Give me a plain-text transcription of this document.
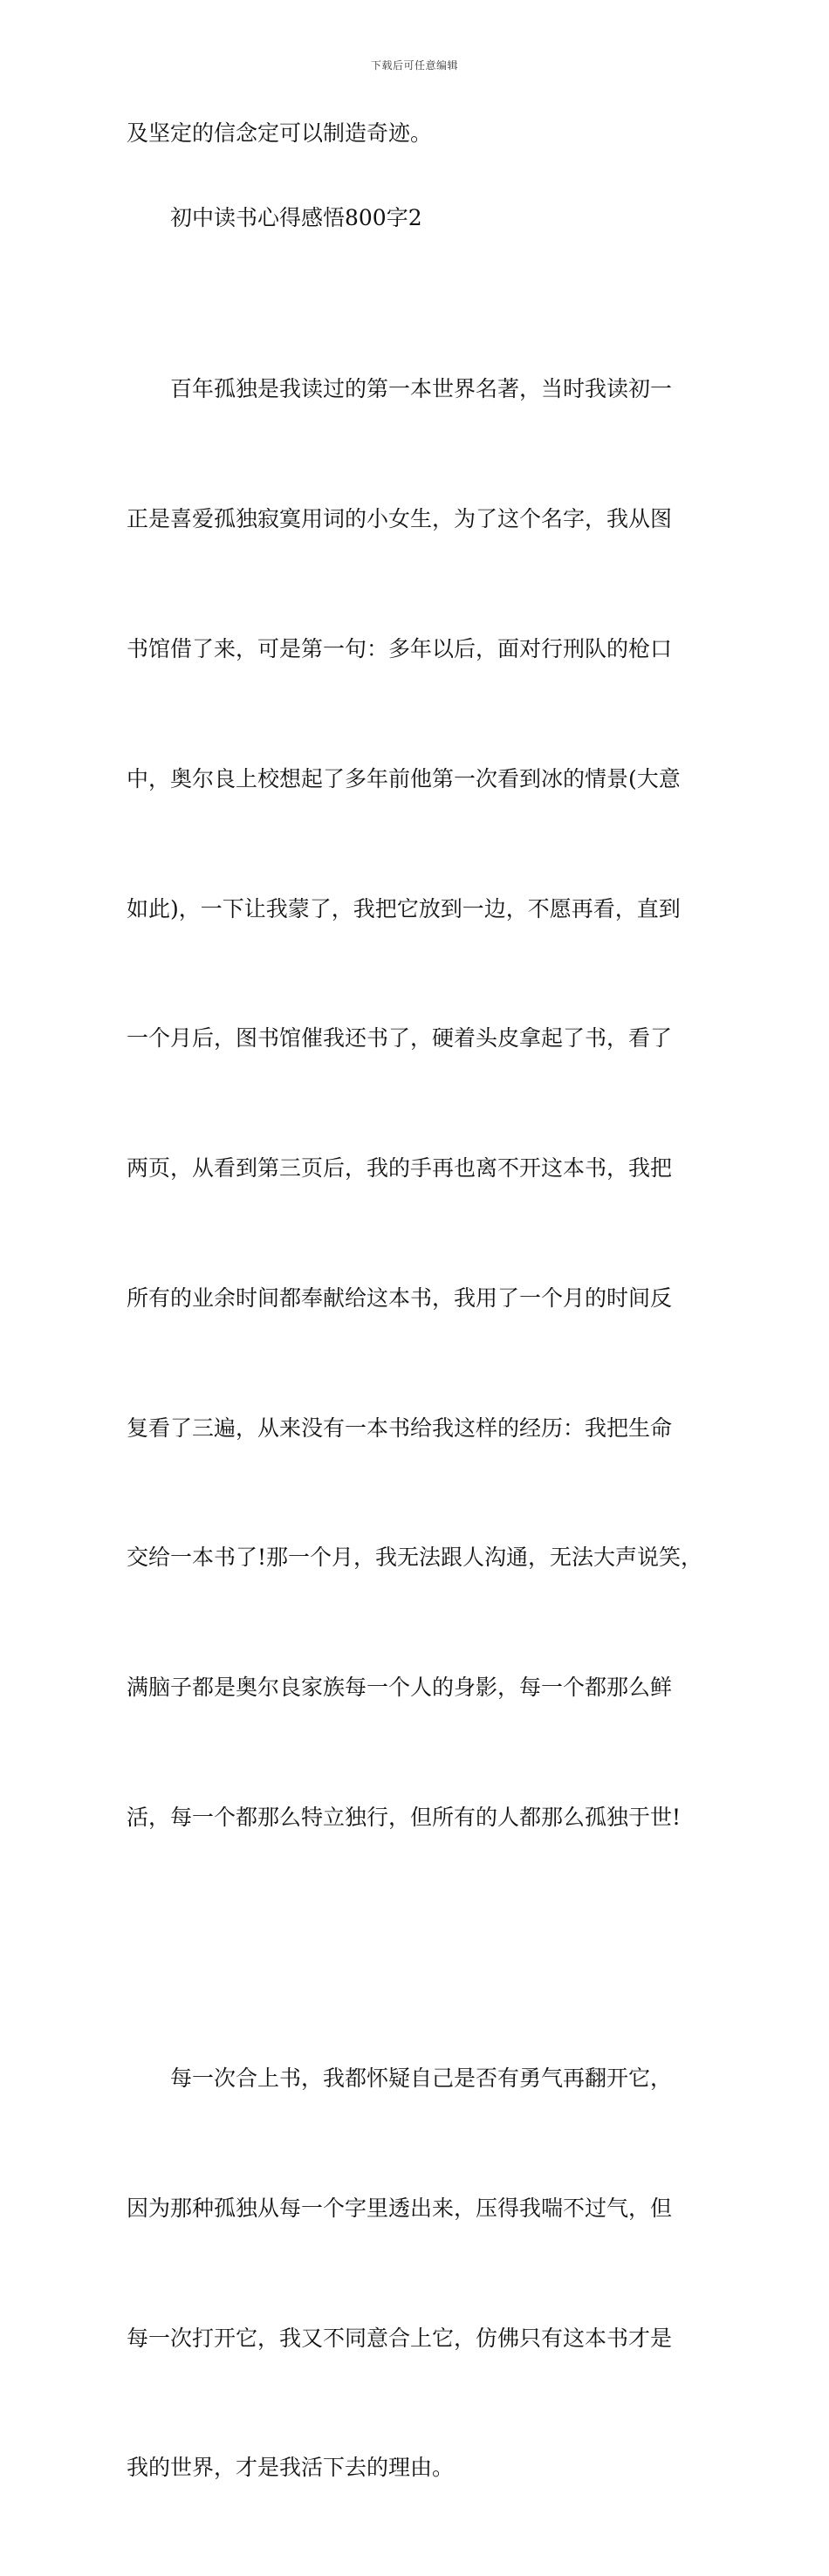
下载后可任意编辑

及坚定的信念定可以制造奇迹。

初中读书心得感悟800字2

百年孤独是我读过的第一本世界名著，当时我读初一

正是喜爱孤独寂寞用词的小女生，为了这个名字，我从图

书馆借了来，可是第一句：多年以后，面对行刑队的枪口

中，奥尔良上校想起了多年前他第一次看到冰的情景(大意

如此)，一下让我蒙了，我把它放到一边，不愿再看，直到

一个月后，图书馆催我还书了，硬着头皮拿起了书，看了

两页，从看到第三页后，我的手再也离不开这本书，我把

所有的业余时间都奉献给这本书，我用了一个月的时间反

复看了三遍，从来没有一本书给我这样的经历：我把生命

交给一本书了!那一个月，我无法跟人沟通，无法大声说笑，

满脑子都是奥尔良家族每一个人的身影，每一个都那么鲜

活，每一个都那么特立独行，但所有的人都那么孤独于世!

每一次合上书，我都怀疑自己是否有勇气再翻开它，

因为那种孤独从每一个字里透出来，压得我喘不过气，但

每一次打开它，我又不同意合上它，仿佛只有这本书才是

我的世界，才是我活下去的理由。
